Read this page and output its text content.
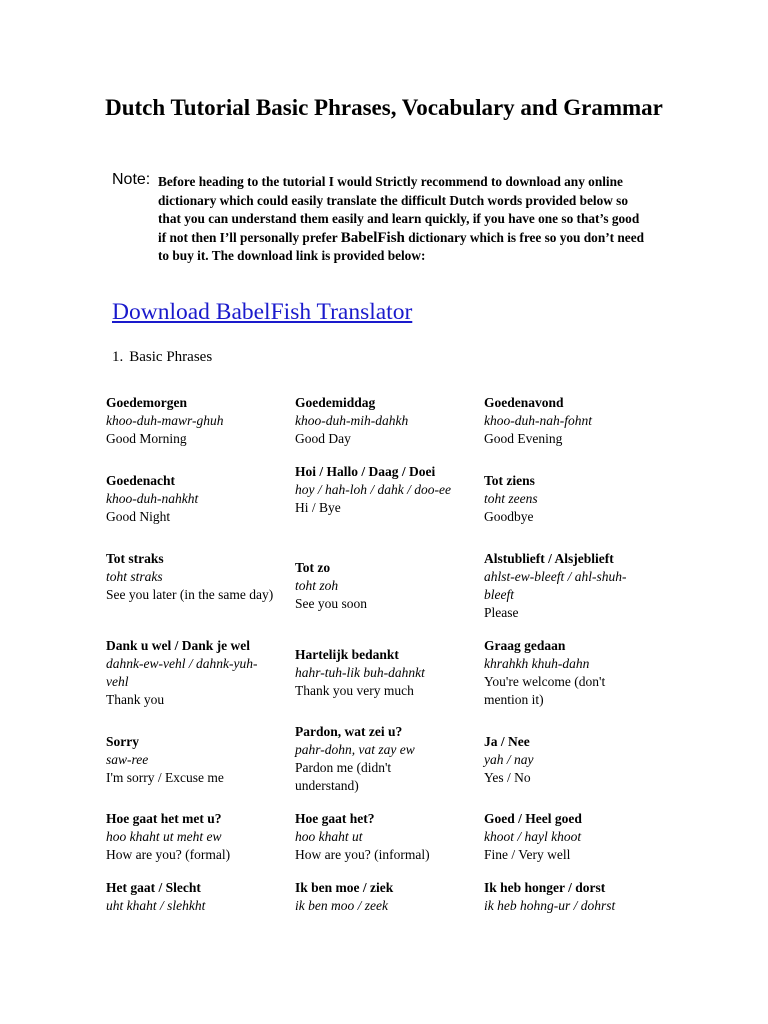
Dutch Tutorial Basic Phrases, Vocabulary and Grammar
Note: Before heading to the tutorial I would Strictly recommend to download any online dictionary which could easily translate the difficult Dutch words provided below so that you can understand them easily and learn quickly, if you have one so that’s good if not then I’ll personally prefer BabelFish dictionary which is free so you don’t need to buy it. The download link is provided below:
Download BabelFish Translator
1. Basic Phrases
Goedemorgen
khoo-duh-mawr-ghuh
Good Morning
Goedemiddag
khoo-duh-mih-dahkh
Good Day
Goedenavond
khoo-duh-nah-fohnt
Good Evening
Goedenacht
khoo-duh-nahkht
Good Night
Hoi / Hallo / Daag / Doei
hoy / hah-loh / dahk / doo-ee
Hi / Bye
Tot ziens
toht zeens
Goodbye
Tot straks
toht straks
See you later (in the same day)
Tot zo
toht zoh
See you soon
Alstublieft / Alsjeblieft
ahlst-ew-bleeft / ahl-shuh-bleeft
Please
Dank u wel / Dank je wel
dahnk-ew-vehl / dahnk-yuh-vehl
Thank you
Hartelijk bedankt
hahr-tuh-lik buh-dahnkt
Thank you very much
Graag gedaan
khrahkh khuh-dahn
You're welcome (don't mention it)
Sorry
saw-ree
I'm sorry / Excuse me
Pardon, wat zei u?
pahr-dohn, vat zay ew
Pardon me (didn't understand)
Ja / Nee
yah / nay
Yes / No
Hoe gaat het met u?
hoo khaht ut meht ew
How are you? (formal)
Hoe gaat het?
hoo khaht ut
How are you? (informal)
Goed / Heel goed
khoot / hayl khoot
Fine / Very well
Het gaat / Slecht
uht khaht / slehkht
Ik ben moe / ziek
ik ben moo / zeek
Ik heb honger / dorst
ik heb hohng-ur / dohrst
